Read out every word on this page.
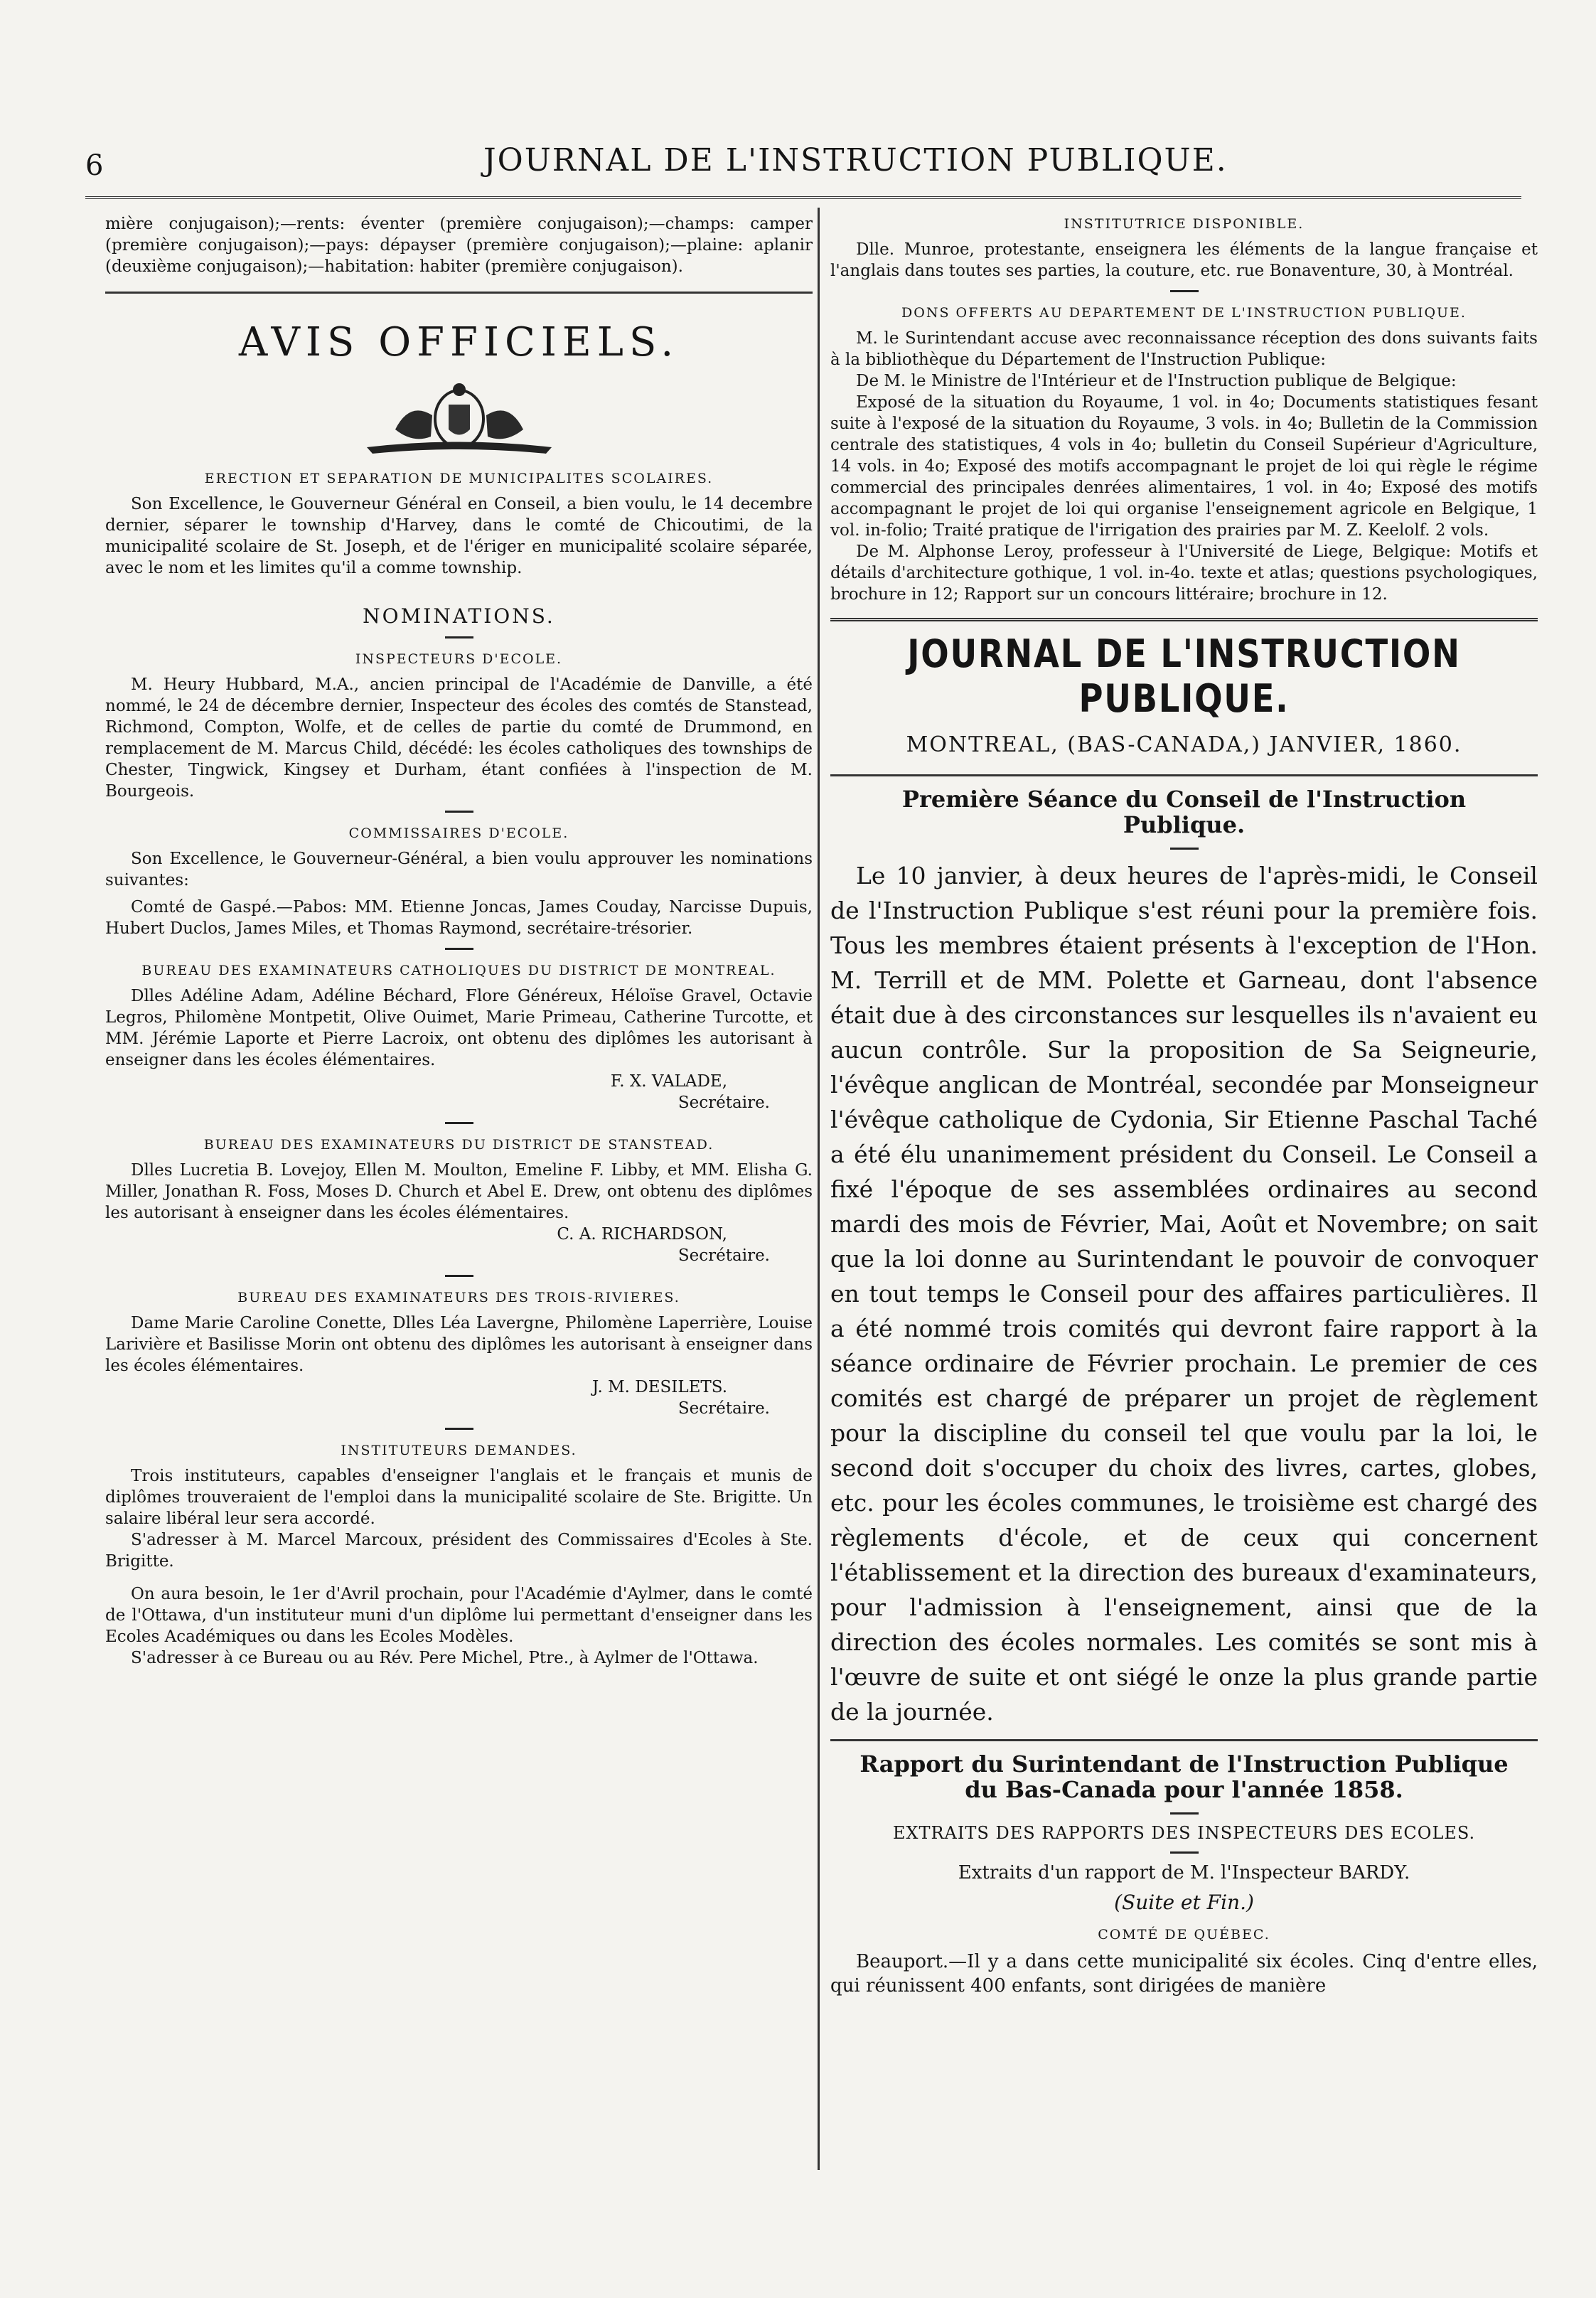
6	JOURNAL DE L'INSTRUCTION PUBLIQUE.

mière conjugaison);—rents: éventer (première conjugaison);—champs: camper (première conjugaison);—pays: dépayser (première conjugaison);—plaine: aplanir (deuxième conjugaison);—habitation: habiter (première conjugaison).

AVIS OFFICIELS.
ERECTION ET SEPARATION DE MUNICIPALITES SCOLAIRES.

Son Excellence, le Gouverneur Général en Conseil, a bien voulu, le 14 decembre dernier, séparer le township d'Harvey, dans le comté de Chicoutimi, de la municipalité scolaire de St. Joseph, et de l'ériger en municipalité scolaire séparée, avec le nom et les limites qu'il a comme township.

NOMINATIONS.
INSPECTEURS D'ECOLE.

M. Heury Hubbard, M.A., ancien principal de l'Académie de Danville, a été nommé, le 24 de décembre dernier, Inspecteur des écoles des comtés de Stanstead, Richmond, Compton, Wolfe, et de celles de partie du comté de Drummond, en remplacement de M. Marcus Child, décédé: les écoles catholiques des townships de Chester, Tingwick, Kingsey et Durham, étant confiées à l'inspection de M. Bourgeois.

COMMISSAIRES D'ECOLE.

Son Excellence, le Gouverneur-Général, a bien voulu approuver les nominations suivantes:

Comté de Gaspé.—Pabos: MM. Etienne Joncas, James Couday, Narcisse Dupuis, Hubert Duclos, James Miles, et Thomas Raymond, secrétaire-trésorier.

BUREAU DES EXAMINATEURS CATHOLIQUES DU DISTRICT DE MONTREAL.

Dlles Adéline Adam, Adéline Béchard, Flore Généreux, Héloïse Gravel, Octavie Legros, Philomène Montpetit, Olive Ouimet, Marie Primeau, Catherine Turcotte, et MM. Jérémie Laporte et Pierre Lacroix, ont obtenu des diplômes les autorisant à enseigner dans les écoles élémentaires.

F. X. VALADE,
Secrétaire.
BUREAU DES EXAMINATEURS DU DISTRICT DE STANSTEAD.

Dlles Lucretia B. Lovejoy, Ellen M. Moulton, Emeline F. Libby, et MM. Elisha G. Miller, Jonathan R. Foss, Moses D. Church et Abel E. Drew, ont obtenu des diplômes les autorisant à enseigner dans les écoles élémentaires.

C. A. RICHARDSON,
Secrétaire.
BUREAU DES EXAMINATEURS DES TROIS-RIVIERES.

Dame Marie Caroline Conette, Dlles Léa Lavergne, Philomène Laperrière, Louise Larivière et Basilisse Morin ont obtenu des diplômes les autorisant à enseigner dans les écoles élémentaires.

J. M. DESILETS.
Secrétaire.
INSTITUTEURS DEMANDES.

Trois instituteurs, capables d'enseigner l'anglais et le français et munis de diplômes trouveraient de l'emploi dans la municipalité scolaire de Ste. Brigitte. Un salaire libéral leur sera accordé.

S'adresser à M. Marcel Marcoux, président des Commissaires d'Ecoles à Ste. Brigitte.

On aura besoin, le 1er d'Avril prochain, pour l'Académie d'Aylmer, dans le comté de l'Ottawa, d'un instituteur muni d'un diplôme lui permettant d'enseigner dans les Ecoles Académiques ou dans les Ecoles Modèles.

S'adresser à ce Bureau ou au Rév. Pere Michel, Ptre., à Aylmer de l'Ottawa.

INSTITUTRICE DISPONIBLE.

Dlle. Munroe, protestante, enseignera les éléments de la langue française et l'anglais dans toutes ses parties, la couture, etc. rue Bonaventure, 30, à Montréal.

DONS OFFERTS AU DEPARTEMENT DE L'INSTRUCTION PUBLIQUE.

M. le Surintendant accuse avec reconnaissance réception des dons suivants faits à la bibliothèque du Département de l'Instruction Publique:

De M. le Ministre de l'Intérieur et de l'Instruction publique de Belgique:

Exposé de la situation du Royaume, 1 vol. in 4o; Documents statistiques fesant suite à l'exposé de la situation du Royaume, 3 vols. in 4o; Bulletin de la Commission centrale des statistiques, 4 vols in 4o; bulletin du Conseil Supérieur d'Agriculture, 14 vols. in 4o; Exposé des motifs accompagnant le projet de loi qui règle le régime commercial des principales denrées alimentaires, 1 vol. in 4o; Exposé des motifs accompagnant le projet de loi qui organise l'enseignement agricole en Belgique, 1 vol. in-folio; Traité pratique de l'irrigation des prairies par M. Z. Keelolf. 2 vols.

De M. Alphonse Leroy, professeur à l'Université de Liege, Belgique: Motifs et détails d'architecture gothique, 1 vol. in-4o. texte et atlas; questions psychologiques, brochure in 12; Rapport sur un concours littéraire; brochure in 12.

JOURNAL DE L'INSTRUCTION PUBLIQUE.
MONTREAL, (BAS-CANADA,) JANVIER, 1860.
Première Séance du Conseil de l'Instruction Publique.

Le 10 janvier, à deux heures de l'après-midi, le Conseil de l'Instruction Publique s'est réuni pour la première fois. Tous les membres étaient présents à l'exception de l'Hon. M. Terrill et de MM. Polette et Garneau, dont l'absence était due à des circonstances sur lesquelles ils n'avaient eu aucun contrôle. Sur la proposition de Sa Seigneurie, l'évêque anglican de Montréal, secondée par Monseigneur l'évêque catholique de Cydonia, Sir Etienne Paschal Taché a été élu unanimement président du Conseil. Le Conseil a fixé l'époque de ses assemblées ordinaires au second mardi des mois de Février, Mai, Août et Novembre; on sait que la loi donne au Surintendant le pouvoir de convoquer en tout temps le Conseil pour des affaires particulières. Il a été nommé trois comités qui devront faire rapport à la séance ordinaire de Février prochain. Le premier de ces comités est chargé de préparer un projet de règlement pour la discipline du conseil tel que voulu par la loi, le second doit s'occuper du choix des livres, cartes, globes, etc. pour les écoles communes, le troisième est chargé des règlements d'école, et de ceux qui concernent l'établissement et la direction des bureaux d'examinateurs, pour l'admission à l'enseignement, ainsi que de la direction des écoles normales. Les comités se sont mis à l'œuvre de suite et ont siégé le onze la plus grande partie de la journée.

Rapport du Surintendant de l'Instruction Publique du Bas-Canada pour l'année 1858.
EXTRAITS DES RAPPORTS DES INSPECTEURS DES ECOLES.
Extraits d'un rapport de M. l'Inspecteur BARDY.
(Suite et Fin.)
COMTÉ DE QUÉBEC.

Beauport.—Il y a dans cette municipalité six écoles. Cinq d'entre elles, qui réunissent 400 enfants, sont dirigées de manière
